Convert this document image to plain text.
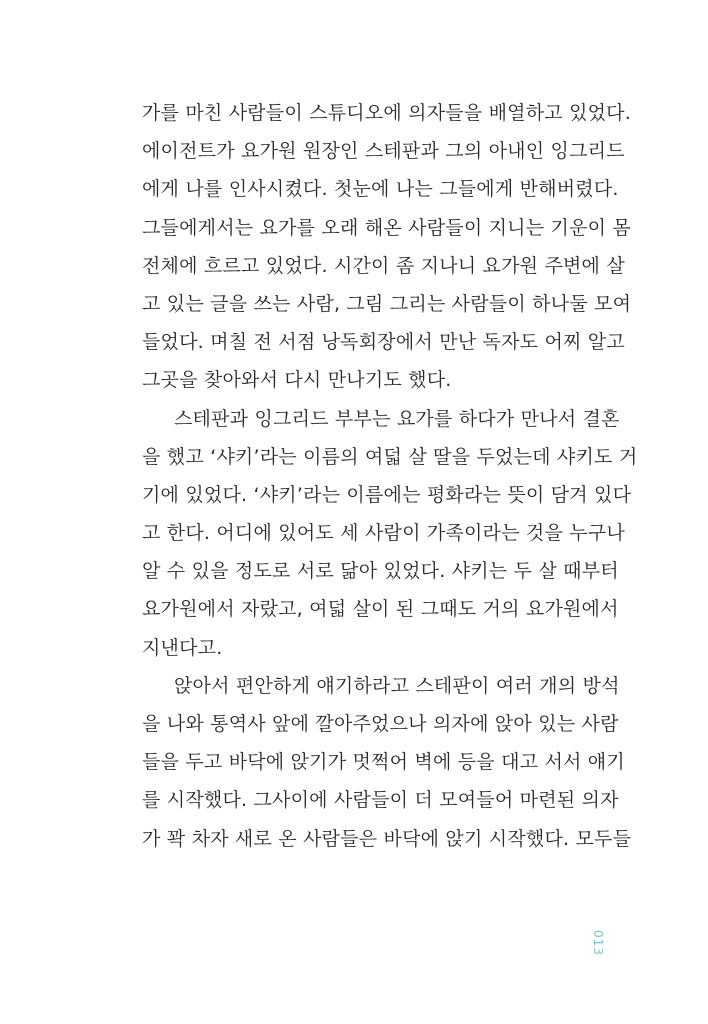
가를 마친 사람들이 스튜디오에 의자들을 배열하고 있었다.
에이전트가 요가원 원장인 스테판과 그의 아내인 잉그리드
에게 나를 인사시켰다. 첫눈에 나는 그들에게 반해버렸다.
그들에게서는 요가를 오래 해온 사람들이 지니는 기운이 몸
전체에 흐르고 있었다. 시간이 좀 지나니 요가원 주변에 살
고 있는 글을 쓰는 사람, 그림 그리는 사람들이 하나둘 모여
들었다. 며칠 전 서점 낭독회장에서 만난 독자도 어찌 알고
그곳을 찾아와서 다시 만나기도 했다.
스테판과 잉그리드 부부는 요가를 하다가 만나서 결혼
을 했고 ‘샤키’라는 이름의 여덟 살 딸을 두었는데 샤키도 거
기에 있었다. ‘샤키’라는 이름에는 평화라는 뜻이 담겨 있다
고 한다. 어디에 있어도 세 사람이 가족이라는 것을 누구나
알 수 있을 정도로 서로 닮아 있었다. 샤키는 두 살 때부터
요가원에서 자랐고, 여덟 살이 된 그때도 거의 요가원에서
지낸다고.
앉아서 편안하게 얘기하라고 스테판이 여러 개의 방석
을 나와 통역사 앞에 깔아주었으나 의자에 앉아 있는 사람
들을 두고 바닥에 앉기가 멋쩍어 벽에 등을 대고 서서 얘기
를 시작했다. 그사이에 사람들이 더 모여들어 마련된 의자
가 꽉 차자 새로 온 사람들은 바닥에 앉기 시작했다. 모두들
013
